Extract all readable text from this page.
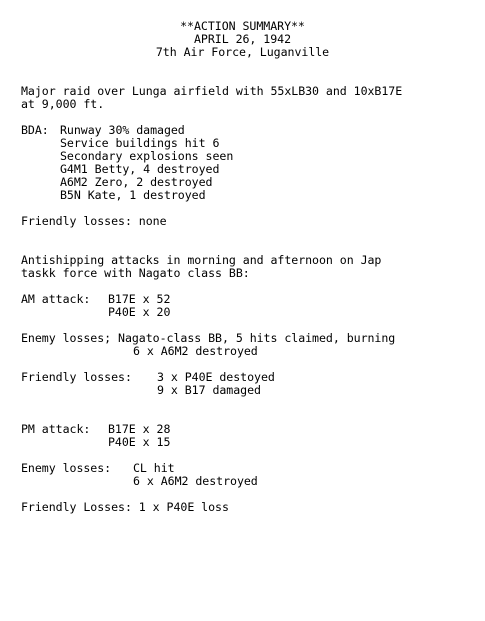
**ACTION SUMMARY**
APRIL 26, 1942
7th Air Force, Luganville
Major raid over Lunga airfield with 55xLB30 and 10xB17E
at 9,000 ft.
BDA: Runway 30% damaged
Service buildings hit 6
Secondary explosions seen
G4M1 Betty, 4 destroyed
A6M2 Zero, 2 destroyed
B5N Kate, 1 destroyed
Friendly losses: none
Antishipping attacks in morning and afternoon on Jap
taskk force with Nagato class BB:
AM attack: B17E x 52
P40E x 20
Enemy losses; Nagato-class BB, 5 hits claimed, burning
6 x A6M2 destroyed
Friendly losses: 3 x P40E destoyed
9 x B17 damaged
PM attack: B17E x 28
P40E x 15
Enemy losses: CL hit
6 x A6M2 destroyed
Friendly Losses: 1 x P40E loss
